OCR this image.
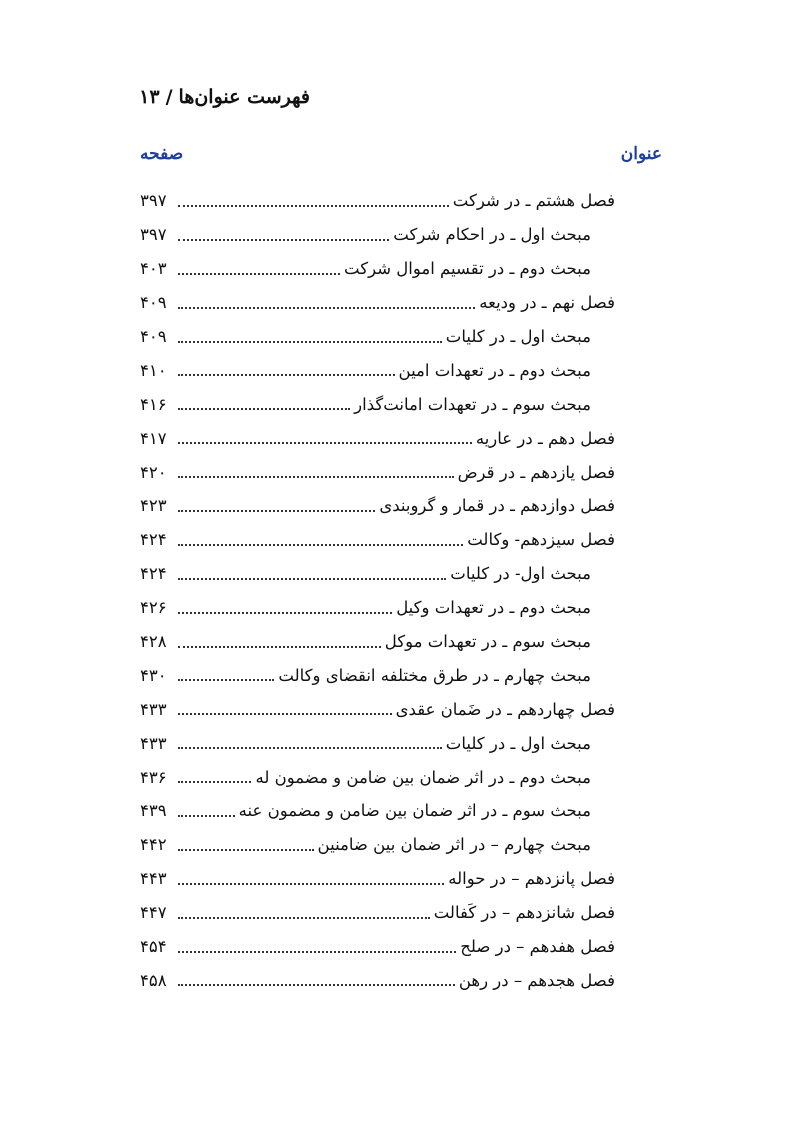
فهرست عنوان‌ها/۱۳
عنوان
صفحه
فصل هشتم ـ در شرکت
۳۹۷
مبحث اول ـ در احکام شرکت
۳۹۷
مبحث دوم ـ در تقسیم اموال شرکت
۴۰۳
فصل نهم ـ در ودیعه
۴۰۹
مبحث اول ـ در کلیات
۴۰۹
مبحث دوم ـ در تعهدات امین
۴۱۰
مبحث سوم ـ در تعهدات امانت‌گذار
۴۱۶
فصل دهم ـ در عاریه
۴۱۷
فصل یازدهم ـ در قرض
۴۲۰
فصل دوازدهم ـ در قمار و گروبندی
۴۲۳
فصل سیزدهم- وکالت
۴۲۴
مبحث اول- در کلیات
۴۲۴
مبحث دوم ـ در تعهدات وکیل
۴۲۶
مبحث سوم ـ در تعهدات موکل
۴۲۸
مبحث چهارم ـ در طرق مختلفه انقضای وکالت
۴۳۰
فصل چهاردهم ـ در ضَمان عقدی
۴۳۳
مبحث اول ـ در کلیات
۴۳۳
مبحث دوم ـ در اثر ضمان بین ضامن و مضمون له
۴۳۶
مبحث سوم ـ در اثر ضمان بین ضامن و مضمون عنه
۴۳۹
مبحث چهارم – در اثر ضمان بین ضامنین
۴۴۲
فصل پانزدهم – در حواله
۴۴۳
فصل شانزدهم – در کَفالت
۴۴۷
فصل هفدهم – در صلح
۴۵۴
فصل هجدهم – در رهن
۴۵۸
